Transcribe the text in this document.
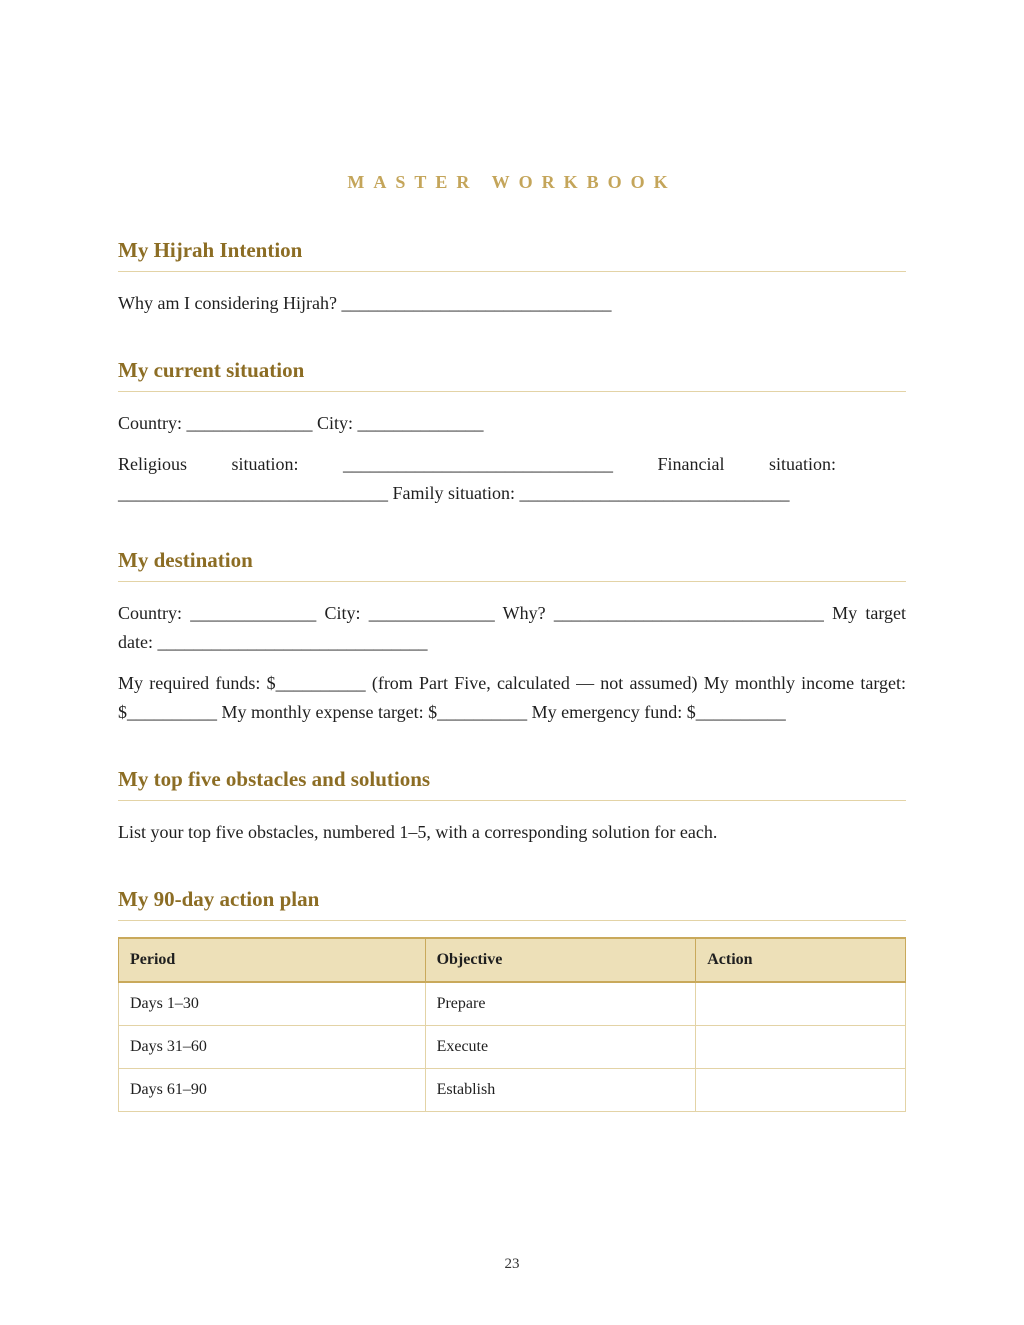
MASTER WORKBOOK

My Hijrah Intention

Why am I considering Hijrah? ______________________________

My current situation

Country: ______________ City: ______________

Religious situation: ______________________________ Financial situation:
______________________________ Family situation: ______________________________

My destination

Country: ______________ City: ______________ Why? ______________________________ My target date: ______________________________

My required funds: $__________ (from Part Five, calculated — not assumed) My monthly income target: $__________ My monthly expense target: $__________ My emergency fund: $__________

My top five obstacles and solutions

List your top five obstacles, numbered 1–5, with a corresponding solution for each.

My 90-day action plan
Period	Objective	Action
Days 1–30	Prepare	
Days 31–60	Execute	
Days 61–90	Establish	

23
